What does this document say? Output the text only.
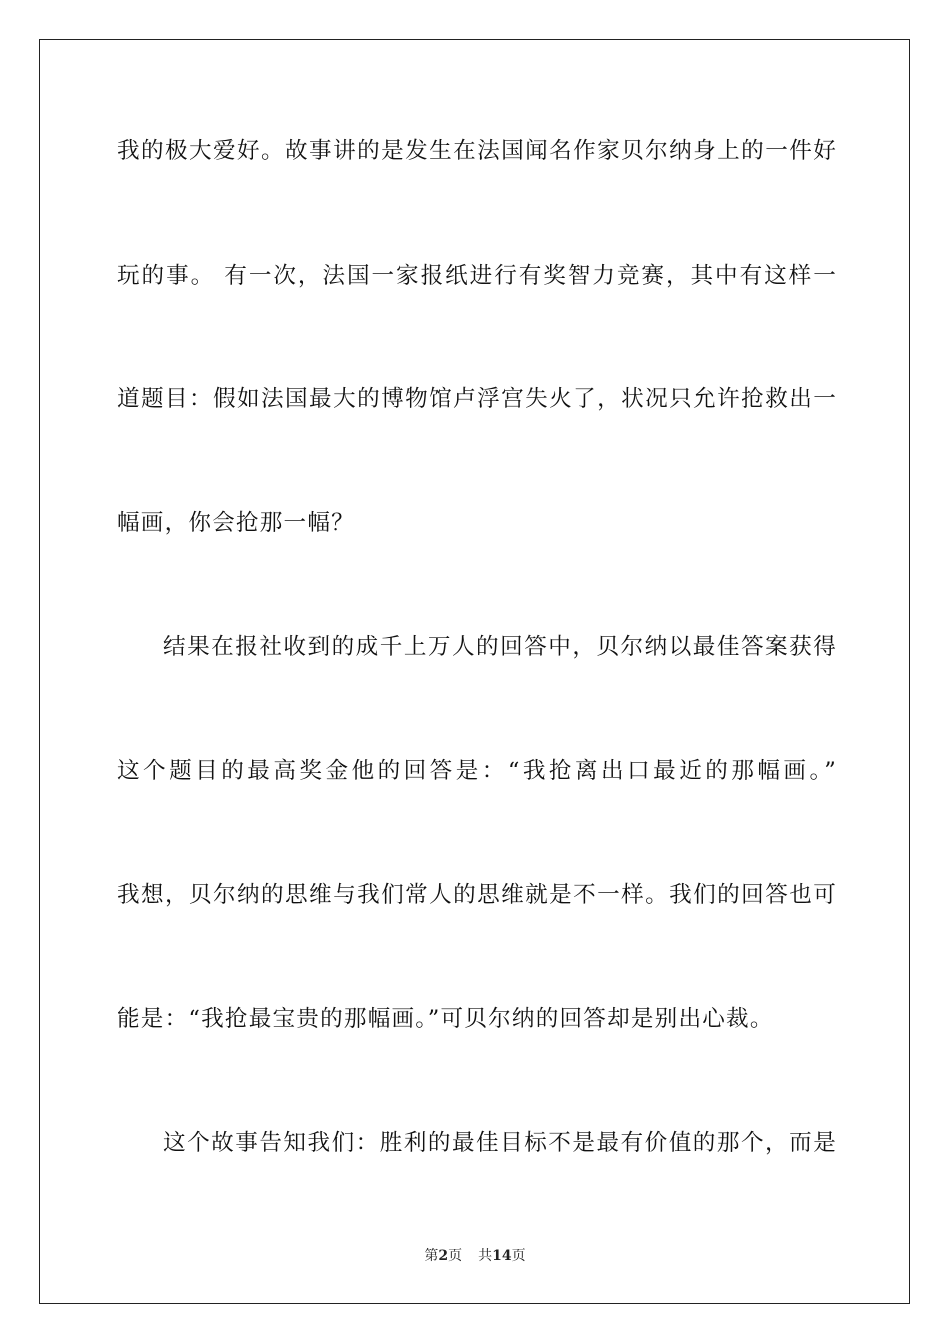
我的极大爱好。故事讲的是发生在法国闻名作家贝尔纳身上的一件好
玩的事。 有一次，法国一家报纸进行有奖智力竞赛，其中有这样一
道题目：假如法国最大的博物馆卢浮宫失火了，状况只允许抢救出一
幅画，你会抢那一幅？
结果在报社收到的成千上万人的回答中，贝尔纳以最佳答案获得
这个题目的最高奖金他的回答是：“我抢离出口最近的那幅画。”
我想，贝尔纳的思维与我们常人的思维就是不一样。我们的回答也可
能是：“我抢最宝贵的那幅画。”可贝尔纳的回答却是别出心裁。
这个故事告知我们：胜利的最佳目标不是最有价值的那个，而是
第2页 共14页
